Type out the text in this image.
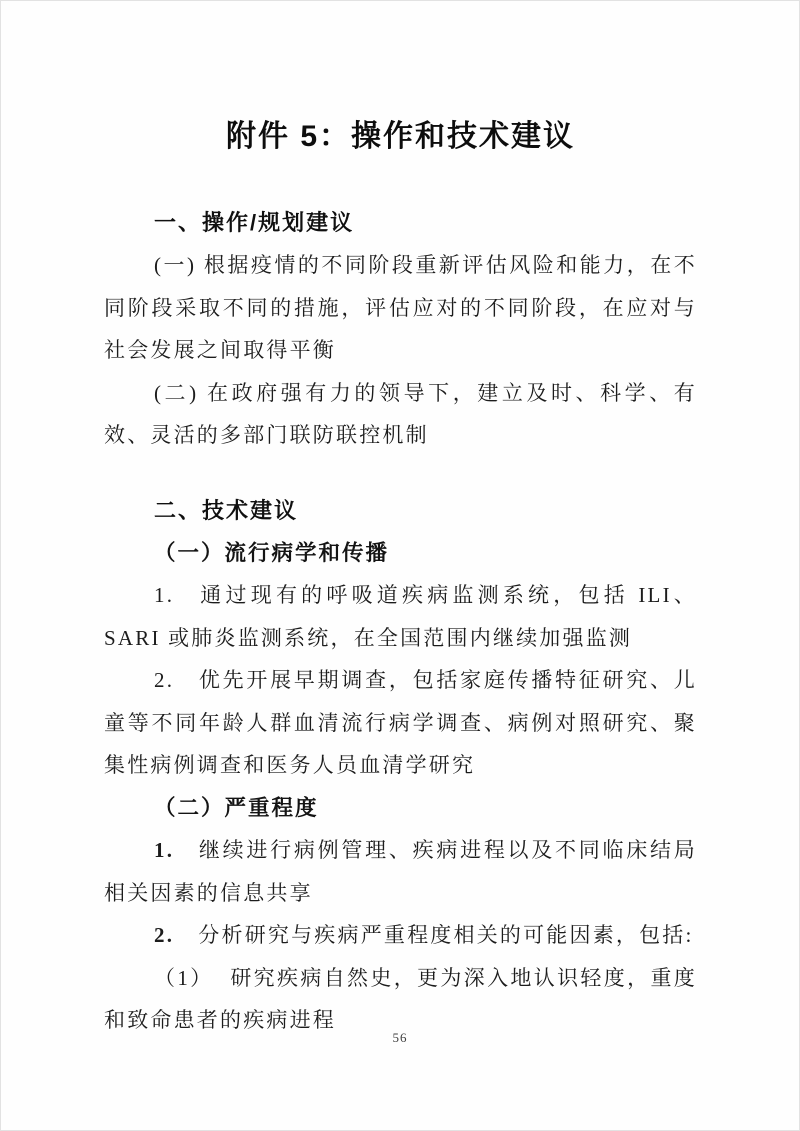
附件 5：操作和技术建议
一、操作/规划建议

(一) 根据疫情的不同阶段重新评估风险和能力，在不同阶段采取不同的措施，评估应对的不同阶段，在应对与社会发展之间取得平衡

(二) 在政府强有力的领导下，建立及时、科学、有效、灵活的多部门联防联控机制

二、技术建议
（一）流行病学和传播

1. 通过现有的呼吸道疾病监测系统，包括 ILI、SARI 或肺炎监测系统，在全国范围内继续加强监测

2. 优先开展早期调查，包括家庭传播特征研究、儿童等不同年龄人群血清流行病学调查、病例对照研究、聚集性病例调查和医务人员血清学研究

（二）严重程度

1. 继续进行病例管理、疾病进程以及不同临床结局相关因素的信息共享

2. 分析研究与疾病严重程度相关的可能因素，包括:

（1） 研究疾病自然史，更为深入地认识轻度，重度和致命患者的疾病进程

56
